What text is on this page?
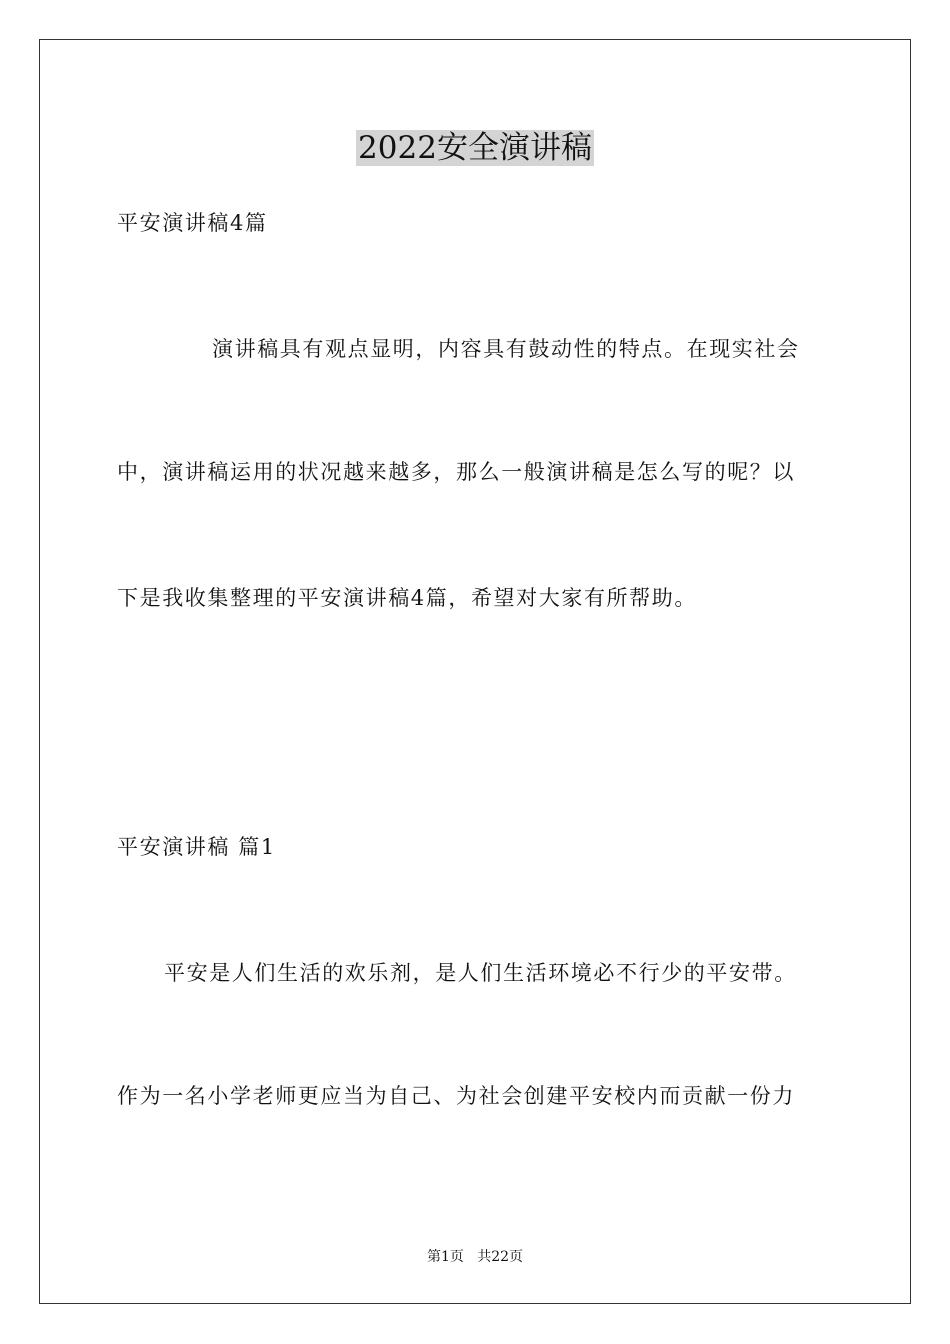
2022安全演讲稿

平安演讲稿4篇

演讲稿具有观点显明，内容具有鼓动性的特点。在现实社会

中，演讲稿运用的状况越来越多，那么一般演讲稿是怎么写的呢？以

下是我收集整理的平安演讲稿4篇，希望对大家有所帮助。

平安演讲稿 篇1

平安是人们生活的欢乐剂，是人们生活环境必不行少的平安带。

作为一名小学老师更应当为自己、为社会创建平安校内而贡献一份力

第1页   共22页
